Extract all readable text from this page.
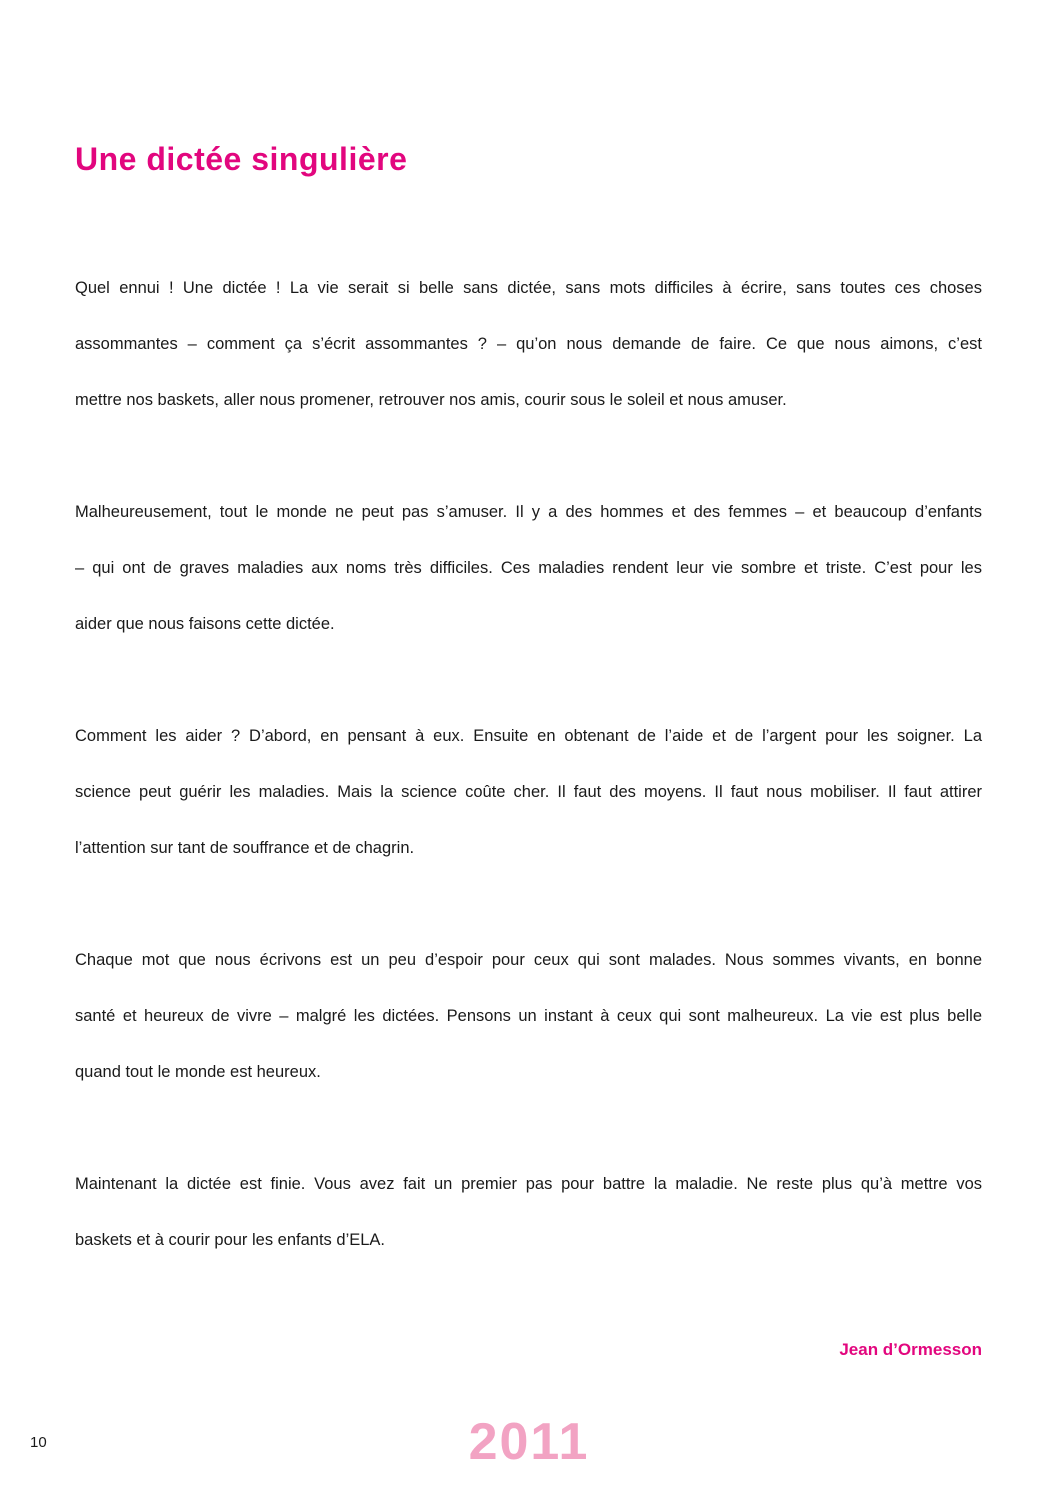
Une dictée singulière
Quel ennui ! Une dictée ! La vie serait si belle sans dictée, sans mots difficiles à écrire, sans toutes ces choses
assommantes – comment ça s’écrit assommantes ? – qu’on nous demande de faire. Ce que nous aimons, c’est
mettre nos baskets, aller nous promener, retrouver nos amis, courir sous le soleil et nous amuser.
Malheureusement, tout le monde ne peut pas s’amuser. Il y a des hommes et des femmes – et beaucoup d’enfants
– qui ont de graves maladies aux noms très difficiles. Ces maladies rendent leur vie sombre et triste. C’est pour les
aider que nous faisons cette dictée.
Comment les aider ? D’abord, en pensant à eux. Ensuite en obtenant de l’aide et de l’argent pour les soigner. La
science peut guérir les maladies. Mais la science coûte cher. Il faut des moyens. Il faut nous mobiliser. Il faut attirer
l’attention sur tant de souffrance et de chagrin.
Chaque mot que nous écrivons est un peu d’espoir pour ceux qui sont malades. Nous sommes vivants, en bonne
santé et heureux de vivre – malgré les dictées. Pensons un instant à ceux qui sont malheureux. La vie est plus belle
quand tout le monde est heureux.
Maintenant la dictée est finie. Vous avez fait un premier pas pour battre la maladie. Ne reste plus qu’à mettre vos
baskets et à courir pour les enfants d’ELA.
Jean d’Ormesson
10	2011
